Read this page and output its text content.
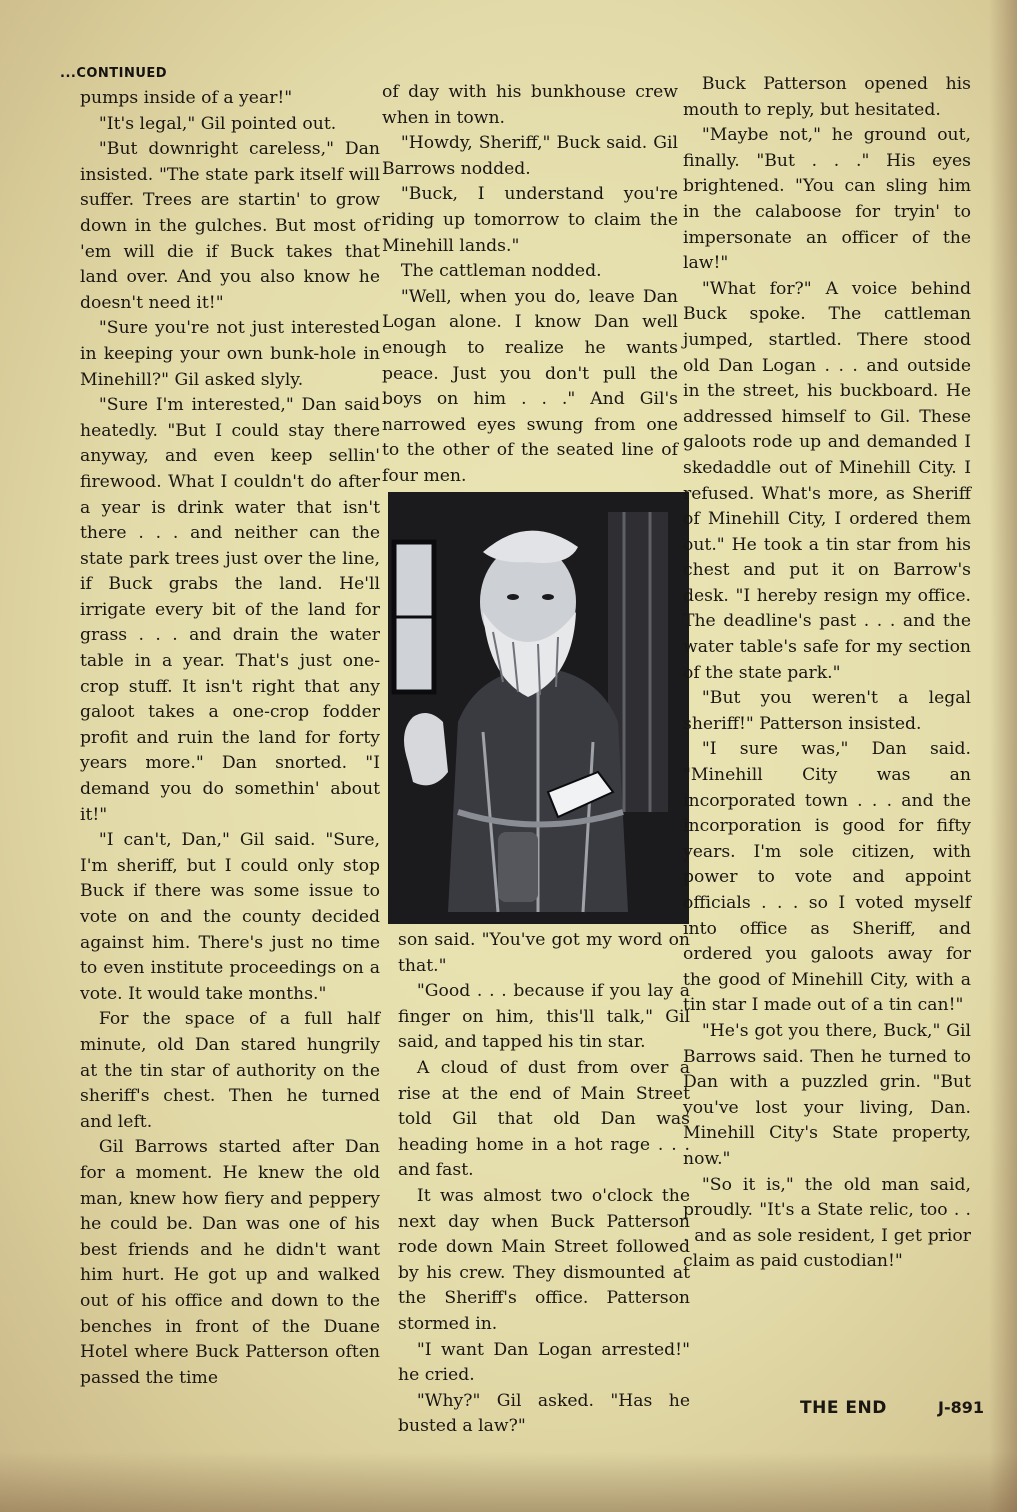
...CONTINUED

pumps inside of a year!"

"It's legal," Gil pointed out.

"But downright careless," Dan insisted. "The state park itself will suffer. Trees are startin' to grow down in the gulches. But most of 'em will die if Buck takes that land over. And you also know he doesn't need it!"

"Sure you're not just interested in keeping your own bunk-hole in Minehill?" Gil asked slyly.

"Sure I'm interested," Dan said heatedly. "But I could stay there anyway, and even keep sellin' firewood. What I couldn't do after a year is drink water that isn't there . . . and neither can the state park trees just over the line, if Buck grabs the land. He'll irrigate every bit of the land for grass . . . and drain the water table in a year. That's just one-crop stuff. It isn't right that any galoot takes a one-crop fodder profit and ruin the land for forty years more." Dan snorted. "I demand you do somethin' about it!"

"I can't, Dan," Gil said. "Sure, I'm sheriff, but I could only stop Buck if there was some issue to vote on and the county decided against him. There's just no time to even institute proceedings on a vote. It would take months."

For the space of a full half minute, old Dan stared hungrily at the tin star of authority on the sheriff's chest. Then he turned and left.

Gil Barrows started after Dan for a moment. He knew the old man, knew how fiery and peppery he could be. Dan was one of his best friends and he didn't want him hurt. He got up and walked out of his office and down to the benches in front of the Duane Hotel where Buck Patterson often passed the time

of day with his bunkhouse crew when in town.

"Howdy, Sheriff," Buck said. Gil Barrows nodded.

"Buck, I understand you're riding up tomorrow to claim the Minehill lands."

The cattleman nodded.

"Well, when you do, leave Dan Logan alone. I know Dan well enough to realize he wants peace. Just you don't pull the boys on him . . ." And Gil's narrowed eyes swung from one to the other of the seated line of four men.

son said. "You've got my word on that."

"Good . . . because if you lay a finger on him, this'll talk," Gil said, and tapped his tin star.

A cloud of dust from over a rise at the end of Main Street told Gil that old Dan was heading home in a hot rage . . . and fast.

It was almost two o'clock the next day when Buck Patterson rode down Main Street followed by his crew. They dismounted at the Sheriff's office. Patterson stormed in.

"I want Dan Logan arrested!" he cried.

"Why?" Gil asked. "Has he busted a law?"

Buck Patterson opened his mouth to reply, but hesitated.

"Maybe not," he ground out, finally. "But . . ." His eyes brightened. "You can sling him in the calaboose for tryin' to impersonate an officer of the law!"

"What for?" A voice behind Buck spoke. The cattleman jumped, startled. There stood old Dan Logan . . . and outside in the street, his buckboard. He addressed himself to Gil. These galoots rode up and demanded I skedaddle out of Minehill City. I refused. What's more, as Sheriff of Minehill City, I ordered them out." He took a tin star from his chest and put it on Barrow's desk. "I hereby resign my office. The deadline's past . . . and the water table's safe for my section of the state park."

"But you weren't a legal sheriff!" Patterson insisted.

"I sure was," Dan said. "Minehill City was an incorporated town . . . and the incorporation is good for fifty years. I'm sole citizen, with power to vote and appoint officials . . . so I voted myself into office as Sheriff, and ordered you galoots away for the good of Minehill City, with a tin star I made out of a tin can!"

"He's got you there, Buck," Gil Barrows said. Then he turned to Dan with a puzzled grin. "But you've lost your living, Dan. Minehill City's State property, now."

"So it is," the old man said, proudly. "It's a State relic, too . . . and as sole resident, I get prior claim as paid custodian!"

THE END	J-891
